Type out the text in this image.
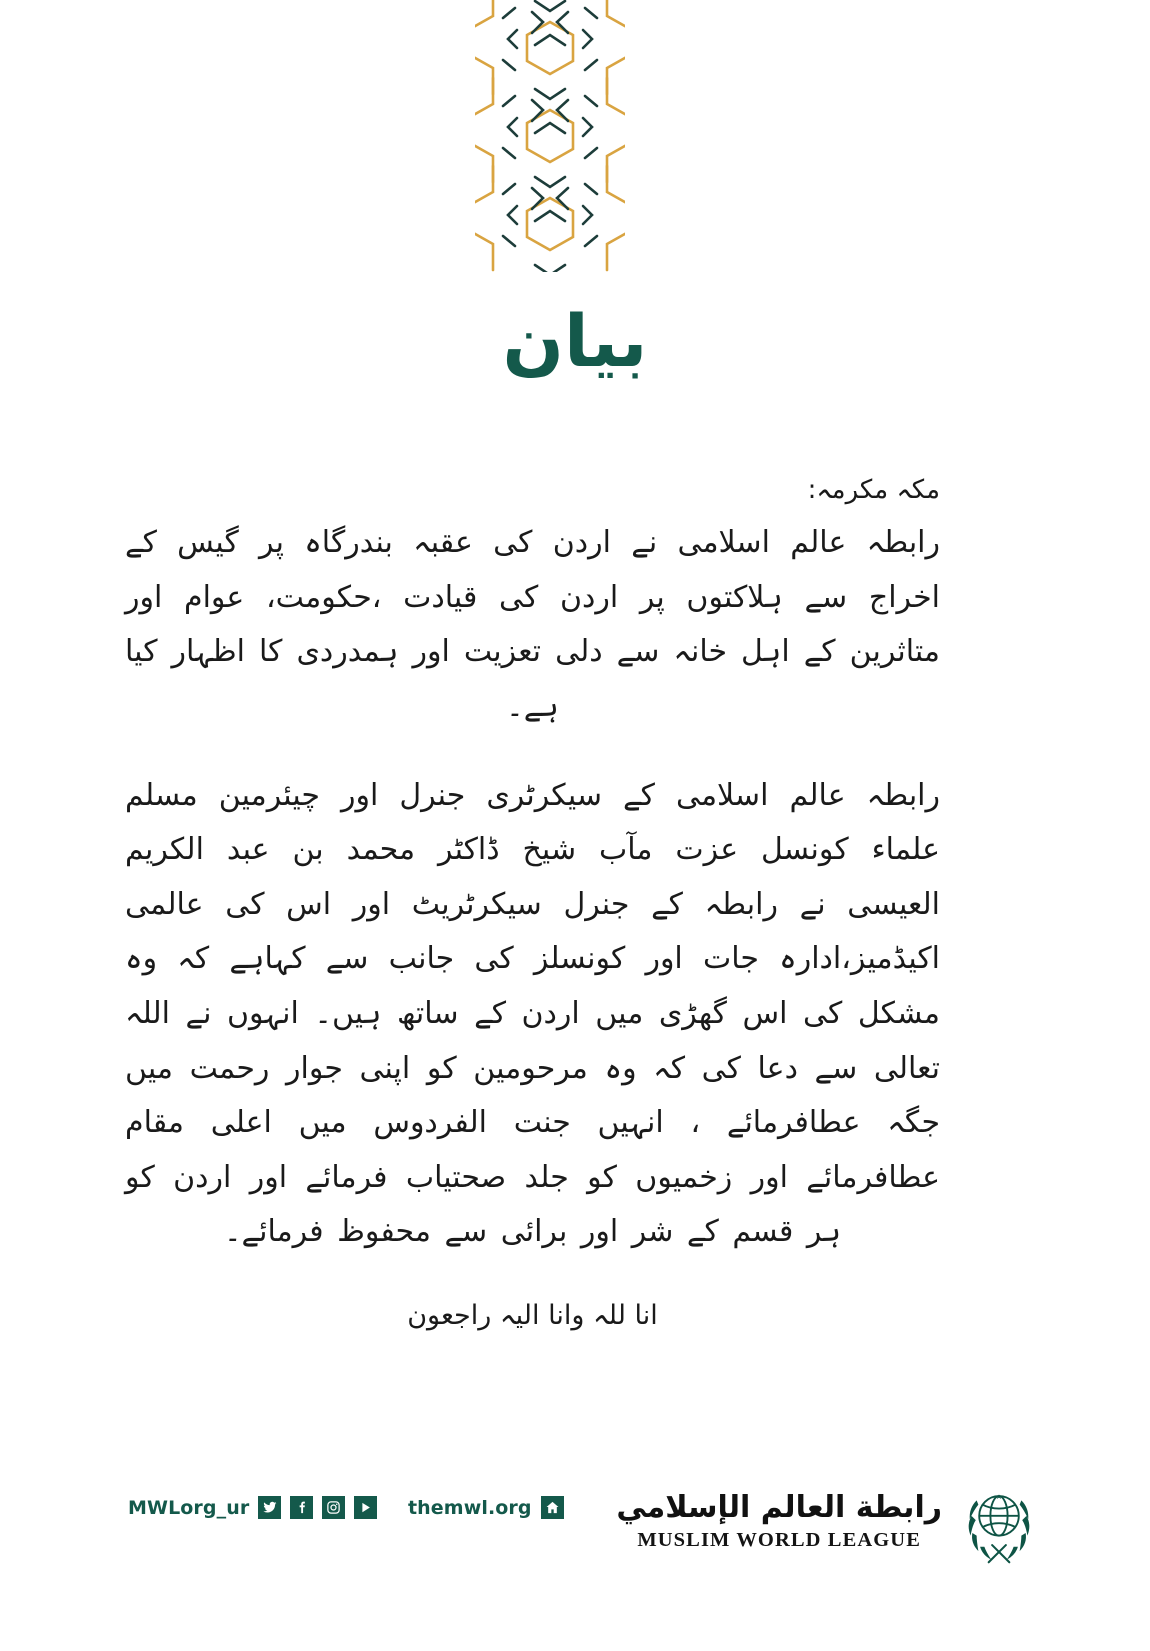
بیان

مکہ مکرمہ:

رابطہ عالم اسلامی نے اردن کی عقبہ بندرگاہ پر گیس کے اخراج سے ہلاکتوں پر اردن کی قیادت ،حکومت، عوام اور متاثرین کے اہل خانہ سے دلی تعزیت اور ہمدردی کا اظہار کیا ہے۔

رابطہ عالم اسلامی کے سیکرٹری جنرل اور چیئرمین مسلم علماء کونسل عزت مآب شیخ ڈاکٹر محمد بن عبد الکریم العیسی نے رابطہ کے جنرل سیکرٹریٹ اور اس کی عالمی اکیڈمیز،ادارہ جات اور کونسلز کی جانب سے کہاہے کہ وہ مشکل کی اس گھڑی میں اردن کے ساتھ ہیں۔ انہوں نے اللہ تعالی سے دعا کی کہ وہ مرحومین کو اپنی جوار رحمت میں جگہ عطافرمائے ، انہیں جنت الفردوس میں اعلی مقام عطافرمائے اور زخمیوں کو جلد صحتیاب فرمائے اور اردن کو ہر قسم کے شر اور برائی سے محفوظ فرمائے۔

انا للہ وانا الیہ راجعون

MWLorg_ur	themwl.org	رابطة العالم الإسلامي
MUSLIM WORLD LEAGUE
